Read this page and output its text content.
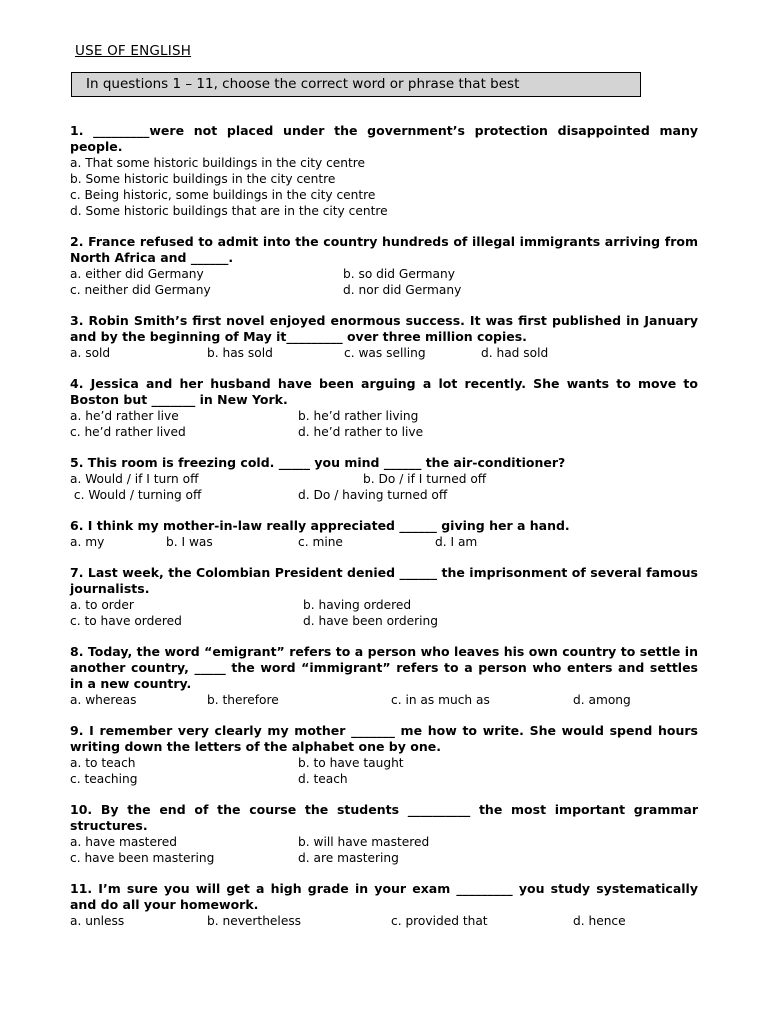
USE OF ENGLISH
In questions 1 – 11, choose the correct word or phrase that best

1. _________were not placed under the government’s protection disappointed many people.

a. That some historic buildings in the city centre
b. Some historic buildings in the city centre
c. Being historic, some buildings in the city centre
d. Some historic buildings that are in the city centre

2. France refused to admit into the country hundreds of illegal immigrants arriving from North Africa and ______.

a. either did Germany	b. so did Germany
c. neither did Germany	d. nor did Germany

3. Robin Smith’s first novel enjoyed enormous success. It was first published in January and by the beginning of May it_________ over three million copies.

a. sold	b. has sold	c. was selling	d. had sold

4. Jessica and her husband have been arguing a lot recently. She wants to move to Boston but _______ in New York.

a. he’d rather live	b. he’d rather living
c. he’d rather lived	d. he’d rather to live

5. This room is freezing cold. _____ you mind ______ the air-conditioner?

a. Would / if I turn off	b. Do / if I turned off
c. Would / turning off	d. Do / having turned off

6. I think my mother-in-law really appreciated ______ giving her a hand.

a. my	b. I was	c. mine	d. I am

7. Last week, the Colombian President denied ______ the imprisonment of several famous journalists.

a. to order	b. having ordered
c. to have ordered	d. have been ordering

8. Today, the word “emigrant” refers to a person who leaves his own country to settle in another country, _____ the word “immigrant” refers to a person who enters and settles in a new country.

a. whereas	b. therefore	c. in as much as	d. among

9. I remember very clearly my mother _______ me how to write. She would spend hours writing down the letters of the alphabet one by one.

a. to teach	b. to have taught
c. teaching	d. teach

10. By the end of the course the students __________ the most important grammar structures.

a. have mastered	b. will have mastered
c. have been mastering	d. are mastering

11. I’m sure you will get a high grade in your exam _________ you study systematically and do all your homework.

a. unless	b. nevertheless	c. provided that	d. hence
